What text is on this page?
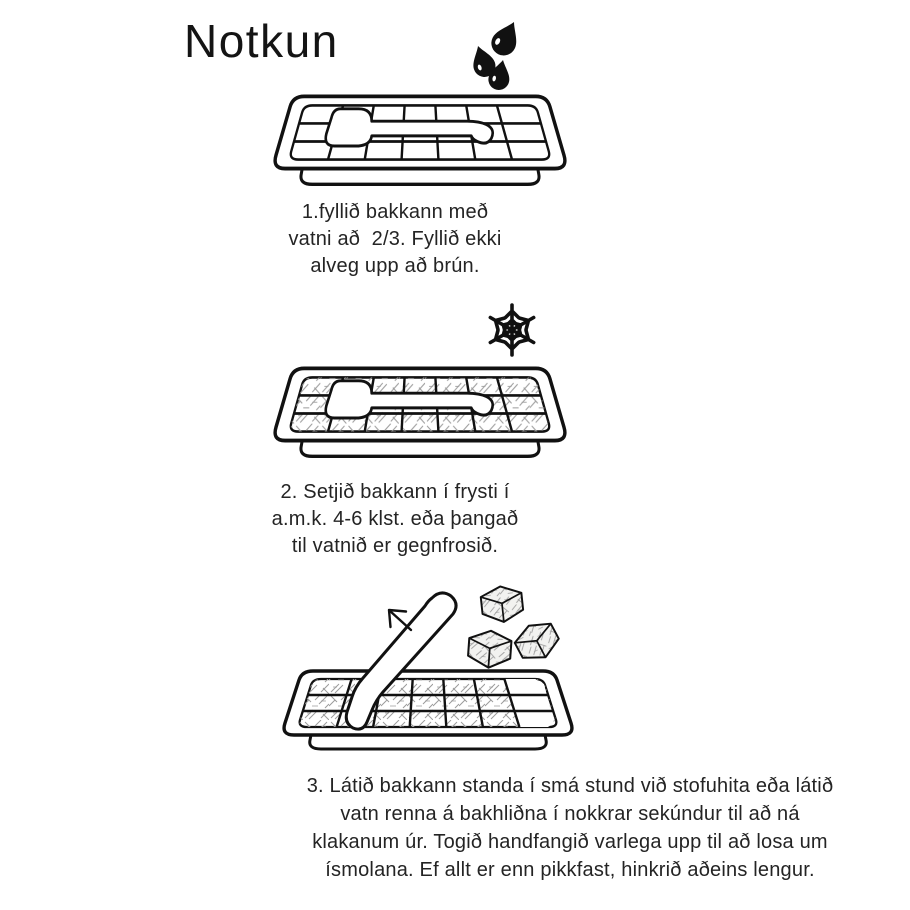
Notkun
1.fyllið bakkann með
vatni að  2/3. Fyllið ekki
alveg upp að brún.
2. Setjið bakkann í frysti í
a.m.k. 4-6 klst. eða þangað
til vatnið er gegnfrosið.
3. Látið bakkann standa í smá stund við stofuhita eða látið
vatn renna á bakhliðna í nokkrar sekúndur til að ná
klakanum úr. Togið handfangið varlega upp til að losa um
ísmolana. Ef allt er enn pikkfast, hinkrið aðeins lengur.
